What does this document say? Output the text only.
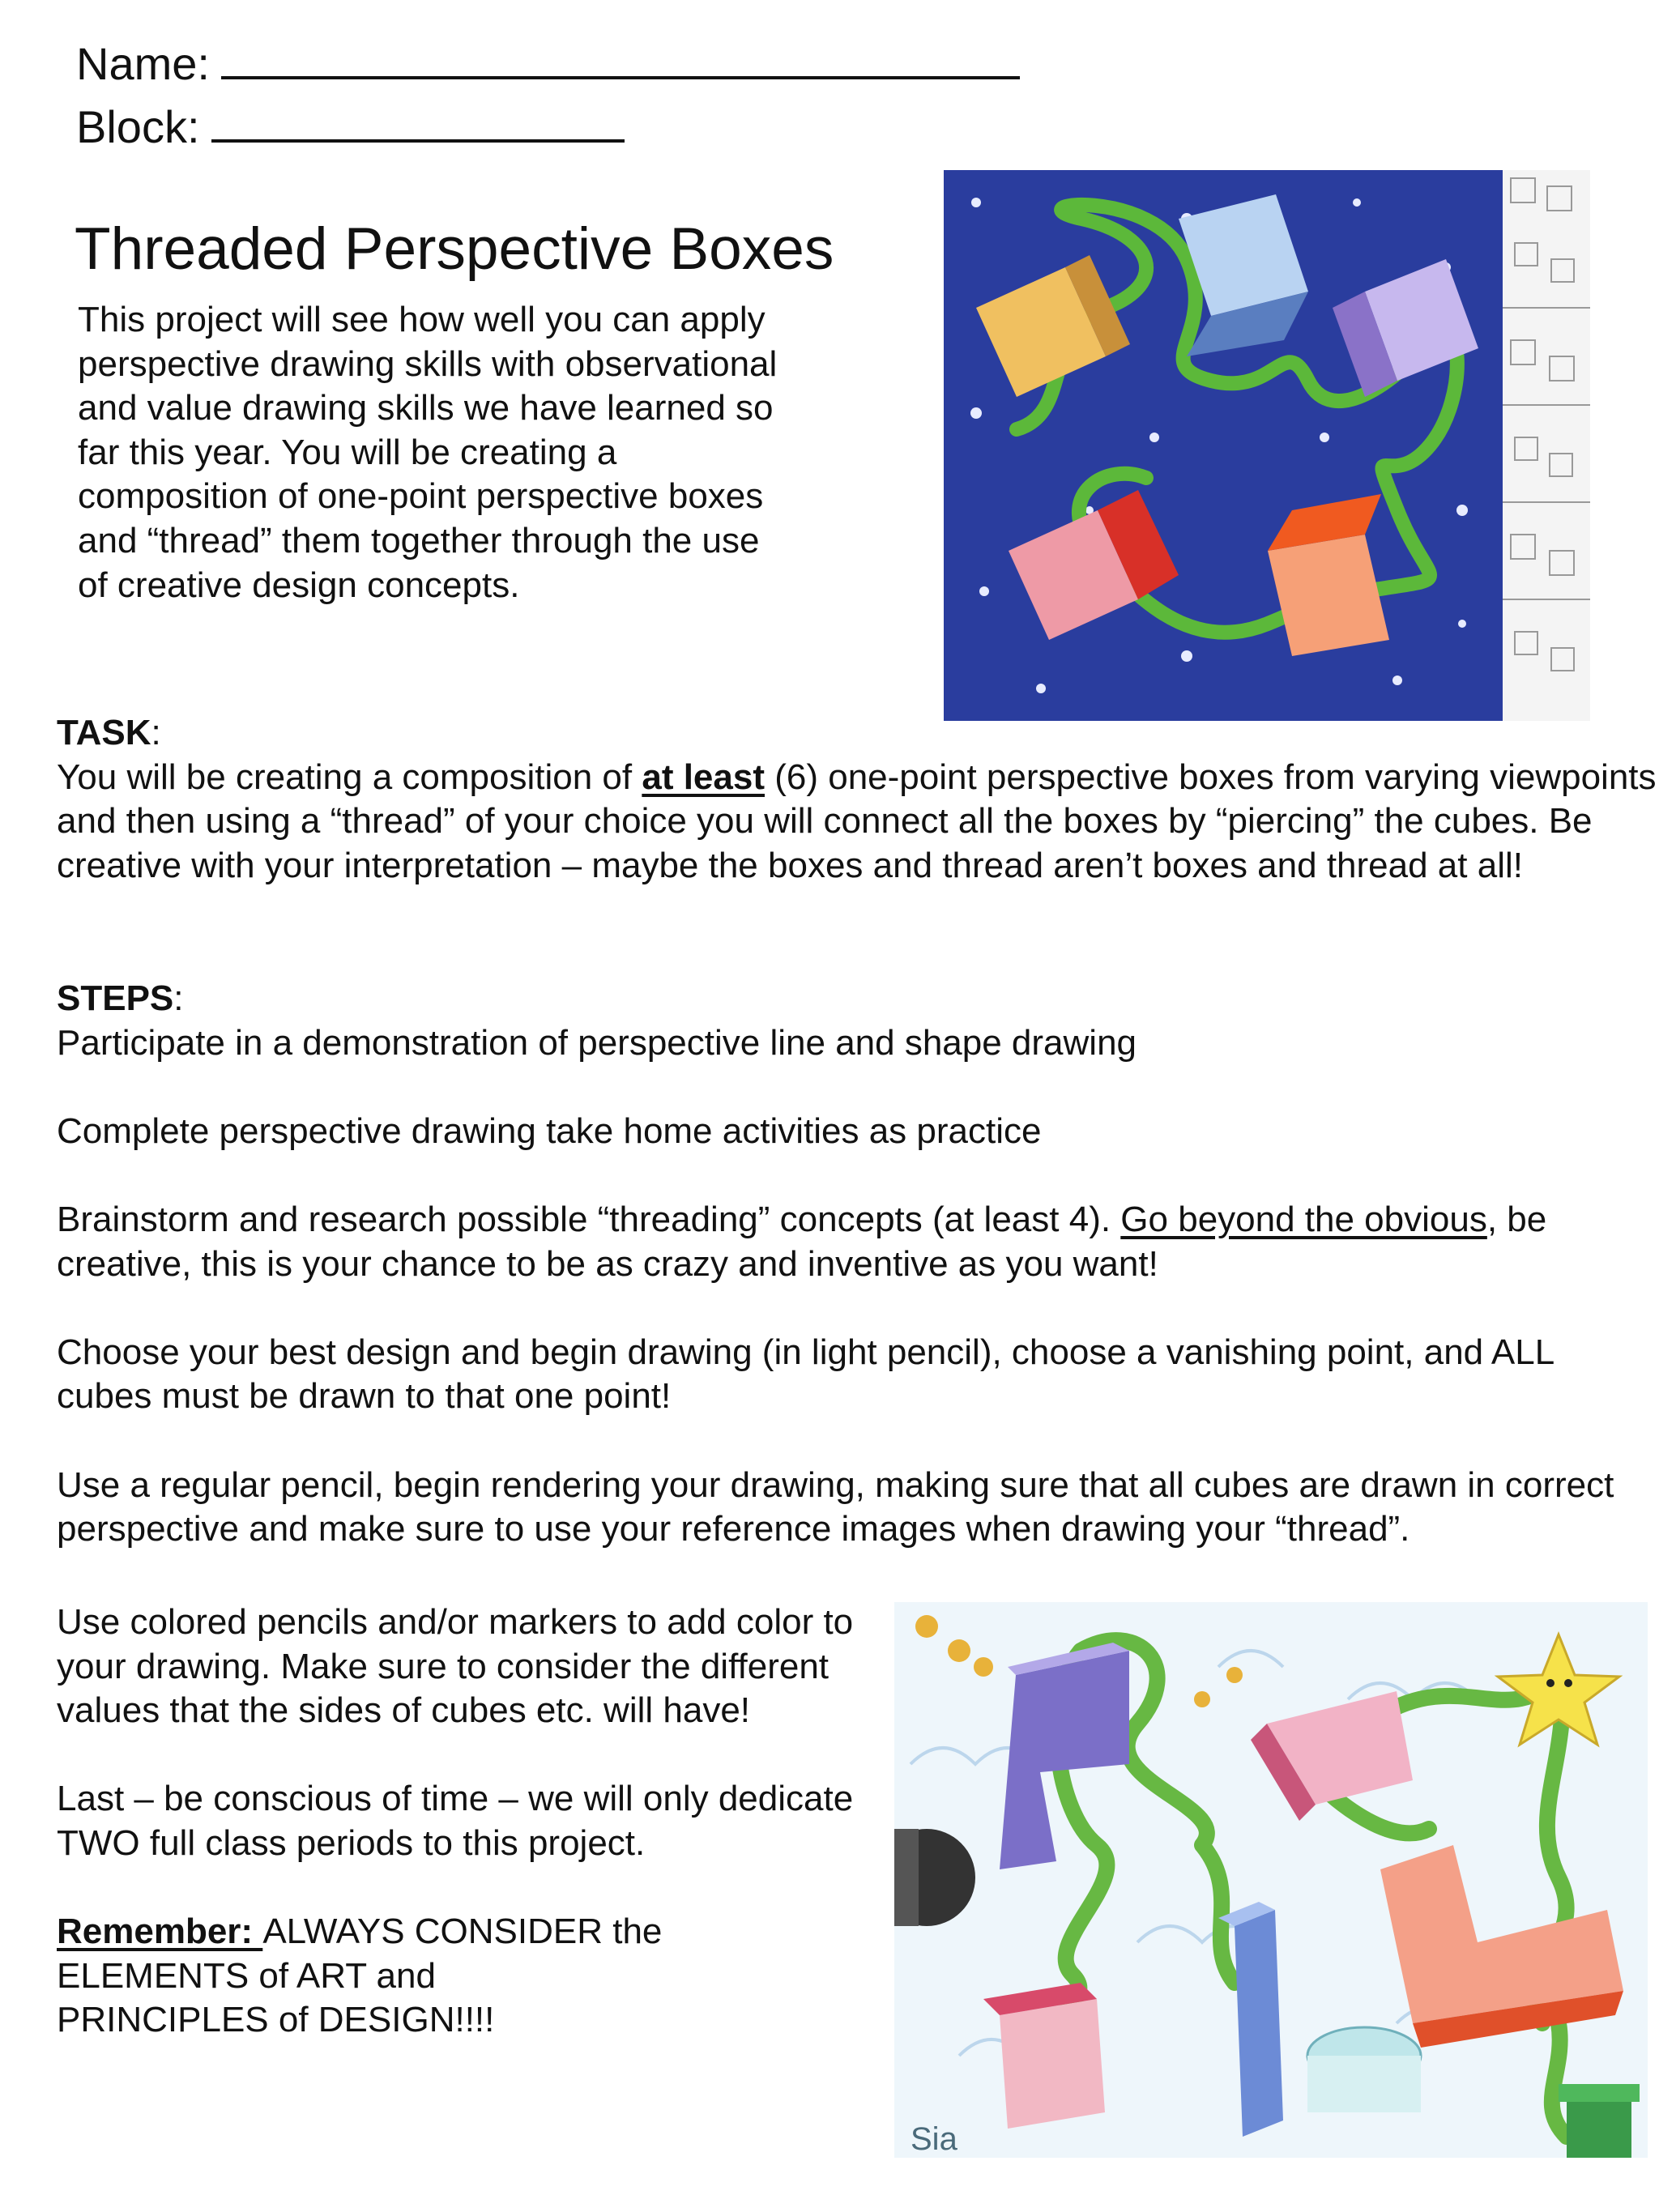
Name:
Block:
Threaded Perspective Boxes
This project will see how well you can apply perspective drawing skills with observational and value drawing skills we have learned so far this year. You will be creating a composition of one-point perspective boxes and “thread” them together through the use of creative design concepts.
TASK:
You will be creating a composition of at least (6) one-point perspective boxes from varying viewpoints and then using a “thread” of your choice you will connect all the boxes by “piercing” the cubes. Be creative with your interpretation – maybe the boxes and thread aren’t boxes and thread at all!
STEPS:

Participate in a demonstration of perspective line and shape drawing

Complete perspective drawing take home activities as practice

Brainstorm and research possible “threading” concepts (at least 4). Go beyond the obvious, be creative, this is your chance to be as crazy and inventive as you want!

Choose your best design and begin drawing (in light pencil), choose a vanishing point, and ALL cubes must be drawn to that one point!

Use a regular pencil, begin rendering your drawing, making sure that all cubes are drawn in correct perspective and make sure to use your reference images when drawing your “thread”.

Use colored pencils and/or markers to add color to your drawing. Make sure to consider the different values that the sides of cubes etc. will have!

Last – be conscious of time – we will only dedicate TWO full class periods to this project.

Remember: ALWAYS CONSIDER the
ELEMENTS of ART and
PRINCIPLES of DESIGN!!!!
Sia
